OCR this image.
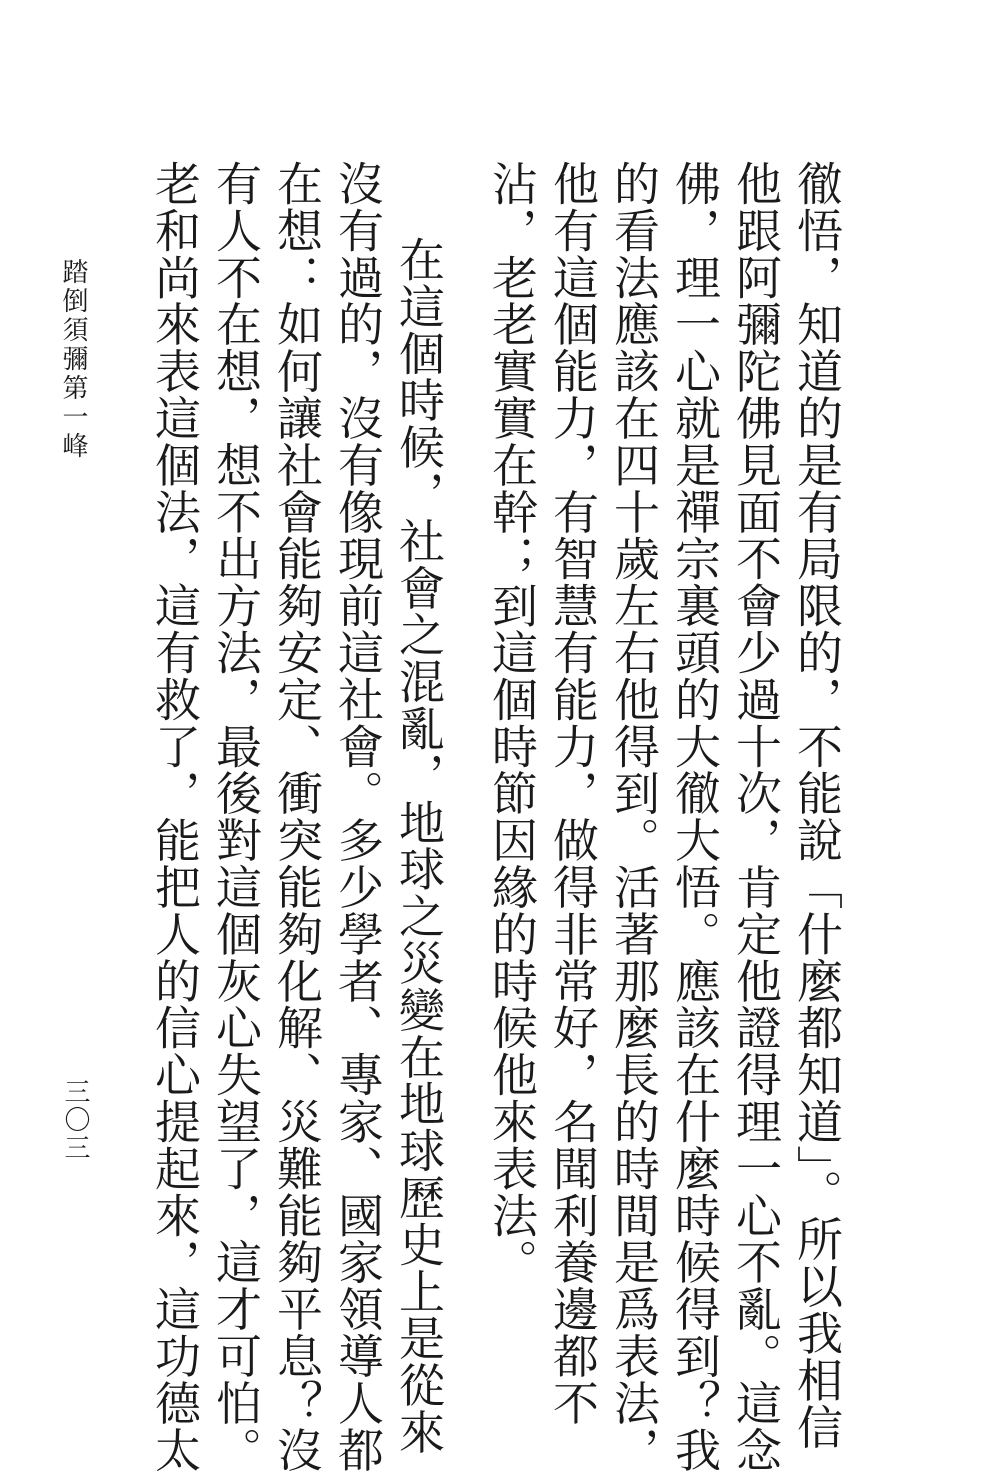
踏倒須彌第一峰
三〇三	徹悟，知道的是有局限的，不能說「什麼都知道」。所以我相信
他跟阿彌陀佛見面不會少過十次，肯定他證得理一心不亂。這念
佛，理一心就是禪宗裏頭的大徹大悟。應該在什麼時候得到？我
的看法應該在四十歲左右他得到。活著那麼長的時間是爲表法，
他有這個能力，有智慧有能力，做得非常好，名聞利養邊都不
沾，老老實實在幹；到這個時節因緣的時候他來表法。
在這個時候，社會之混亂，地球之災變在地球歷史上是從來
沒有過的，沒有像現前這社會。多少學者、專家、國家領導人都
在想：如何讓社會能夠安定、衝突能夠化解、災難能夠平息？沒
有人不在想，想不出方法，最後對這個灰心失望了，這才可怕。
老和尚來表這個法，這有救了，能把人的信心提起來，這功德太
